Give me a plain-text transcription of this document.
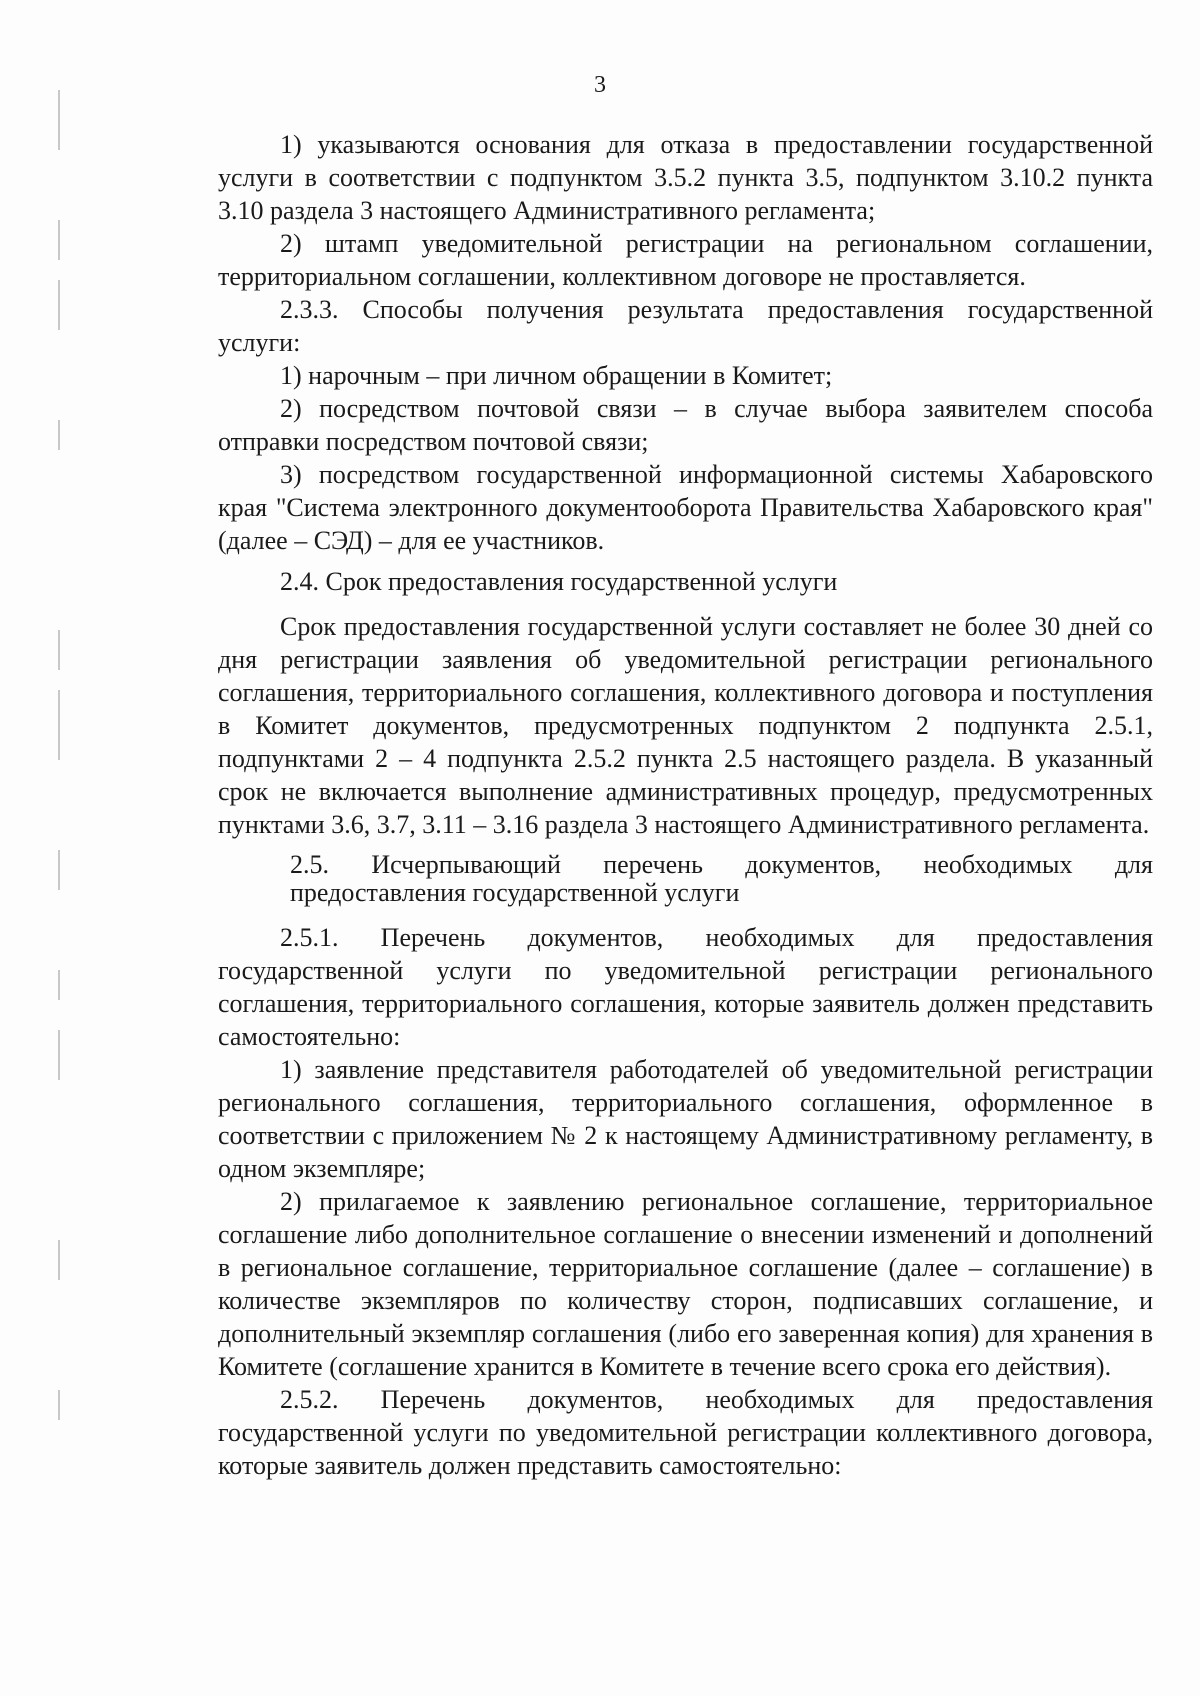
3

1) указываются основания для отказа в предоставлении государственной услуги в соответствии с подпунктом 3.5.2 пункта 3.5, подпунктом 3.10.2 пункта 3.10 раздела 3 настоящего Административного регламента;

2) штамп уведомительной регистрации на региональном соглашении, территориальном соглашении, коллективном договоре не проставляется.

2.3.3. Способы получения результата предоставления государственной услуги:

1) нарочным – при личном обращении в Комитет;

2) посредством почтовой связи – в случае выбора заявителем способа отправки посредством почтовой связи;

3) посредством государственной информационной системы Хабаровского края "Система электронного документооборота Правительства Хабаровского края" (далее – СЭД) – для ее участников.

2.4. Срок предоставления государственной услуги

Срок предоставления государственной услуги составляет не более 30 дней со дня регистрации заявления об уведомительной регистрации регионального соглашения, территориального соглашения, коллективного договора и поступления в Комитет документов, предусмотренных подпунктом 2 подпункта 2.5.1, подпунктами 2 – 4 подпункта 2.5.2 пункта 2.5 настоящего раздела. В указанный срок не включается выполнение административных процедур, предусмотренных пунктами 3.6, 3.7, 3.11 – 3.16 раздела 3 настоящего Административного регламента.

2.5. Исчерпывающий перечень документов, необходимых для предоставления государственной услуги

2.5.1. Перечень документов, необходимых для предоставления государственной услуги по уведомительной регистрации регионального соглашения, территориального соглашения, которые заявитель должен представить самостоятельно:

1) заявление представителя работодателей об уведомительной регистрации регионального соглашения, территориального соглашения, оформленное в соответствии с приложением № 2 к настоящему Административному регламенту, в одном экземпляре;

2) прилагаемое к заявлению региональное соглашение, территориальное соглашение либо дополнительное соглашение о внесении изменений и дополнений в региональное соглашение, территориальное соглашение (далее – соглашение) в количестве экземпляров по количеству сторон, подписавших соглашение, и дополнительный экземпляр соглашения (либо его заверенная копия) для хранения в Комитете (соглашение хранится в Комитете в течение всего срока его действия).

2.5.2. Перечень документов, необходимых для предоставления государственной услуги по уведомительной регистрации коллективного договора, которые заявитель должен представить самостоятельно:
